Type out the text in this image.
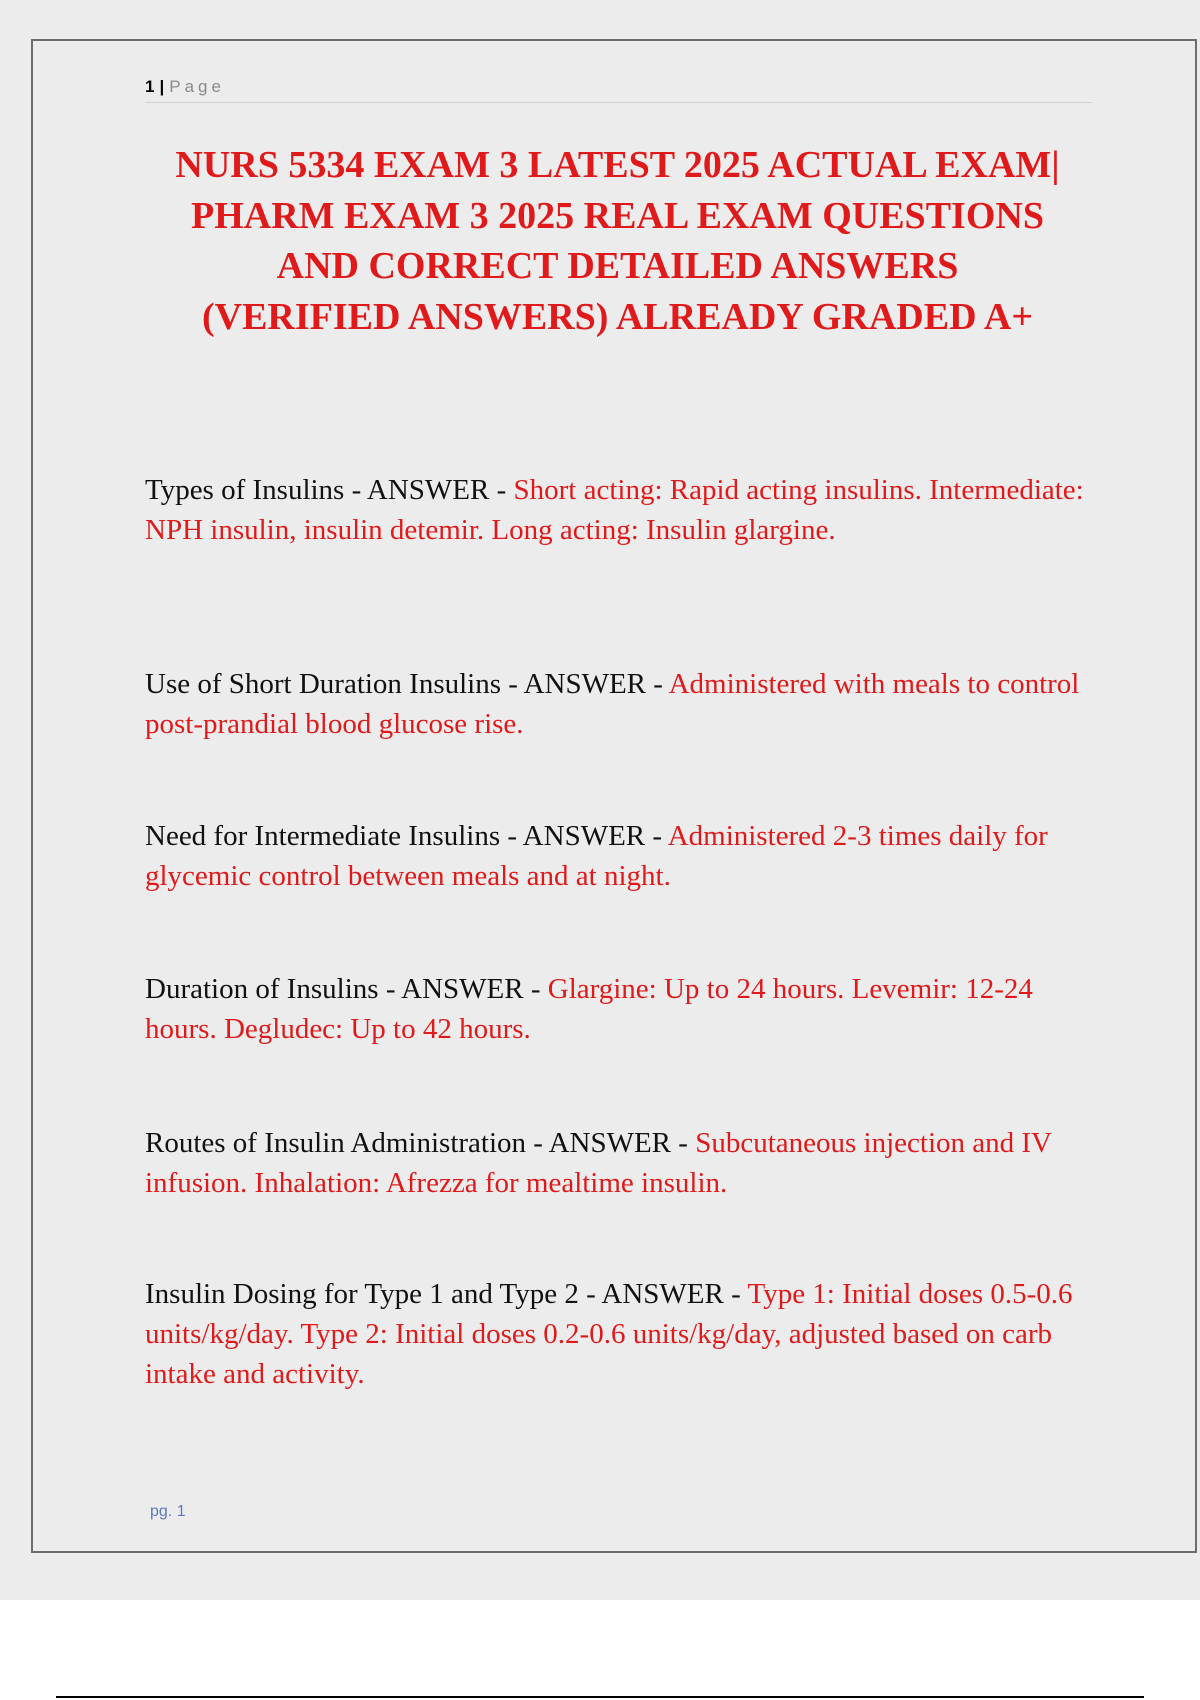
1 | Page
NURS 5334 EXAM 3 LATEST 2025 ACTUAL EXAM|
PHARM EXAM 3 2025 REAL EXAM QUESTIONS
AND CORRECT DETAILED ANSWERS
(VERIFIED ANSWERS) ALREADY GRADED A+

Types of Insulins - ANSWER - Short acting: Rapid acting insulins. Intermediate: NPH insulin, insulin detemir. Long acting: Insulin glargine.

Use of Short Duration Insulins - ANSWER - Administered with meals to control post-prandial blood glucose rise.

Need for Intermediate Insulins - ANSWER - Administered 2-3 times daily for glycemic control between meals and at night.

Duration of Insulins - ANSWER - Glargine: Up to 24 hours. Levemir: 12-24 hours. Degludec: Up to 42 hours.

Routes of Insulin Administration - ANSWER - Subcutaneous injection and IV infusion. Inhalation: Afrezza for mealtime insulin.

Insulin Dosing for Type 1 and Type 2 - ANSWER - Type 1: Initial doses 0.5-0.6 units/kg/day. Type 2: Initial doses 0.2-0.6 units/kg/day, adjusted based on carb intake and activity.

pg. 1
